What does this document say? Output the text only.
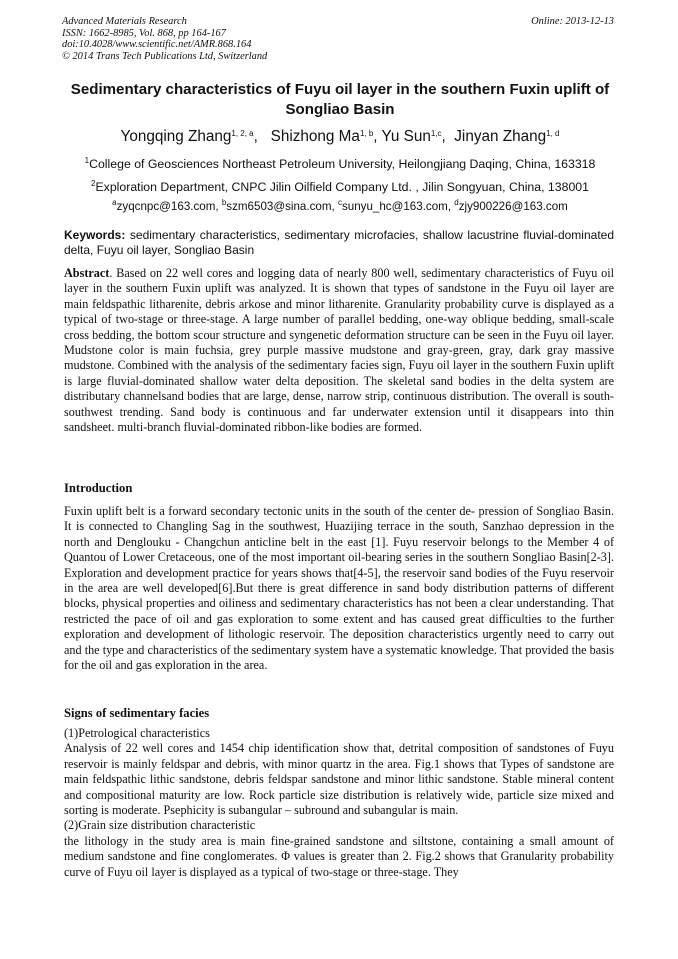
Advanced Materials Research
ISSN: 1662-8985, Vol. 868, pp 164-167
doi:10.4028/www.scientific.net/AMR.868.164
© 2014 Trans Tech Publications Ltd, Switzerland
Online: 2013-12-13
Sedimentary characteristics of Fuyu oil layer in the southern Fuxin uplift of Songliao Basin
Yongqing Zhang$^{1, 2, a}$,   Shizhong Ma$^{1, b}$, Yu Sun$^{1,c}$,  Jinyan Zhang$^{1, d}$
$^1$College of Geosciences Northeast Petroleum University, Heilongjiang Daqing, China, 163318
$^2$Exploration Department, CNPC Jilin Oilfield Company Ltd. , Jilin Songyuan, China, 138001
$^a$zyqcnpc@163.com, $^b$szm6503@sina.com, $^c$sunyu_hc@163.com, $^d$zjy900226@163.com
Keywords: sedimentary characteristics, sedimentary microfacies, shallow lacustrine fluvial-dominated delta, Fuyu oil layer, Songliao Basin

Abstract. Based on 22 well cores and logging data of nearly 800 well, sedimentary characteristics of Fuyu oil layer in the southern Fuxin uplift was analyzed. It is shown that types of sandstone in the Fuyu oil layer are main feldspathic litharenite, debris arkose and minor litharenite. Granularity probability curve is displayed as a typical of two-stage or three-stage. A large number of parallel bedding, one-way oblique bedding, small-scale cross bedding, the bottom scour structure and syngenetic deformation structure can be seen in the Fuyu oil layer. Mudstone color is main fuchsia, grey purple massive mudstone and gray-green, gray, dark gray massive mudstone. Combined with the analysis of the sedimentary facies sign, Fuyu oil layer in the southern Fuxin uplift is large fluvial-dominated shallow water delta deposition. The skeletal sand bodies in the delta system are distributary channelsand bodies that are large, dense, narrow strip, continuous distribution. The overall is south-southwest trending. Sand body is continuous and far underwater extension until it disappears into thin sandsheet. multi-branch fluvial-dominated ribbon-like bodies are formed.

Introduction

Fuxin uplift belt is a forward secondary tectonic units in the south of the center de- pression of Songliao Basin. It is connected to Changling Sag in the southwest, Huazijing terrace in the south, Sanzhao depression in the north and Denglouku - Changchun anticline belt in the east [1]. Fuyu reservoir belongs to the Member 4 of Quantou of Lower Cretaceous, one of the most important oil-bearing series in the southern Songliao Basin[2-3]. Exploration and development practice for years shows that[4-5], the reservoir sand bodies of the Fuyu reservoir in the area are well developed[6].But there is great difference in sand body distribution patterns of different blocks, physical properties and oiliness and sedimentary characteristics has not been a clear understanding. That restricted the pace of oil and gas exploration to some extent and has caused great difficulties to the further exploration and development of lithologic reservoir. The deposition characteristics urgently need to carry out and the type and characteristics of the sedimentary system have a systematic knowledge. That provided the basis for the oil and gas exploration in the area.

Signs of sedimentary facies
(1)Petrological characteristics

Analysis of 22 well cores and 1454 chip identification show that, detrital composition of sandstones of Fuyu reservoir is mainly feldspar and debris, with minor quartz in the area. Fig.1 shows that Types of sandstone are main feldspathic lithic sandstone, debris feldspar sandstone and minor lithic sandstone. Stable mineral content and compositional maturity are low. Rock particle size distribution is relatively wide, particle size mixed and sorting is moderate. Psephicity is subangular – subround and subangular is main.

(2)Grain size distribution characteristic

the lithology in the study area is main fine-grained sandstone and siltstone, containing a small amount of medium sandstone and fine conglomerates. Φ values is greater than 2. Fig.2 shows that Granularity probability curve of Fuyu oil layer is displayed as a typical of two-stage or three-stage. They
